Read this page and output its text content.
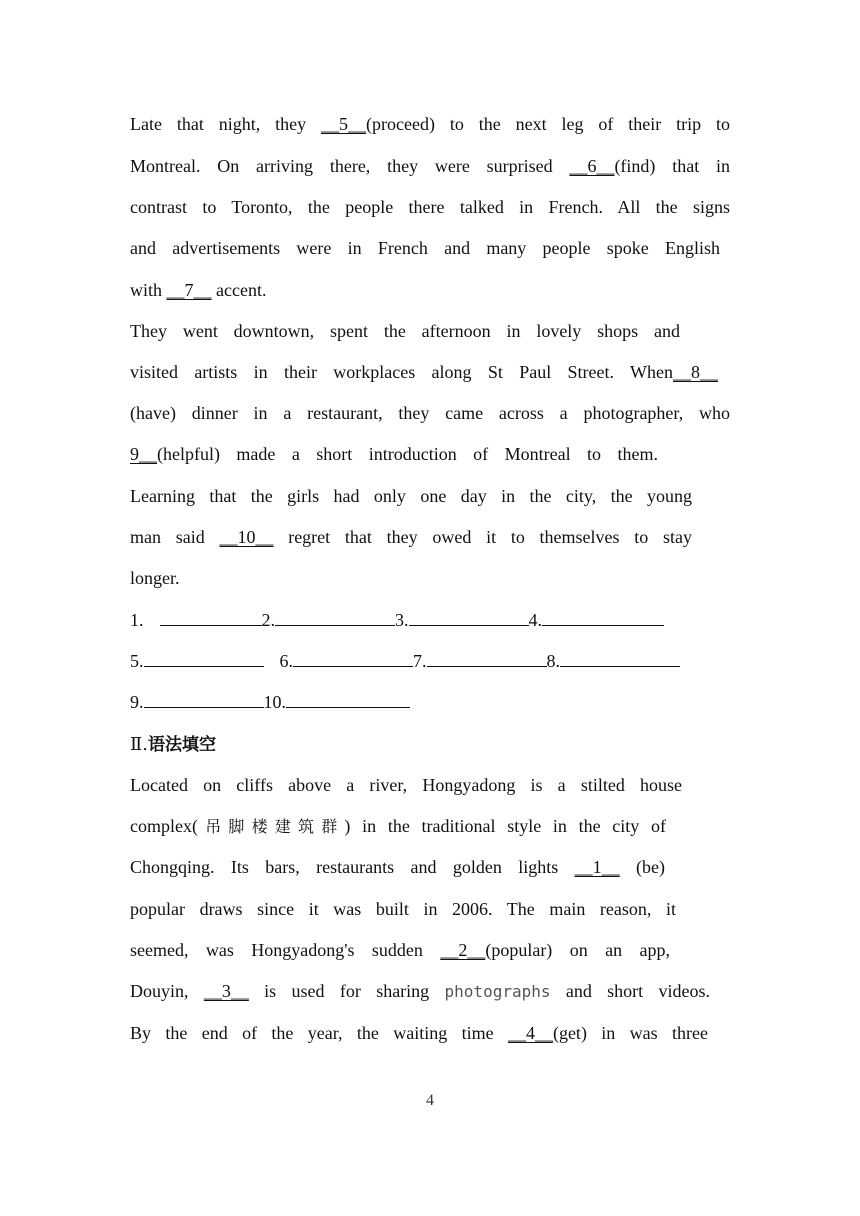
Late that night, they __5__(proceed) to the next leg of their trip to
Montreal. On arriving there, they were surprised __6__(find) that in
contrast to Toronto, the people there talked in French. All the signs
and advertisements were in French and many people spoke English
with __7__ accent.
They went downtown, spent the afternoon in lovely shops and
visited artists in their workplaces along St Paul Street. When__8__
(have) dinner in a restaurant, they came across a photographer, who
9__(helpful) made a short introduction of Montreal to them.
Learning that the girls had only one day in the city, the young
man said __10__ regret that they owed it to themselves to stay
longer.
1.	2.	3.	4.
5.	6.	7.	8.
9.	10.
Ⅱ.语法填空
Located on cliffs above a river, Hongyadong is a stilted house
complex(吊脚楼建筑群) in the traditional style in the city of
Chongqing. Its bars, restaurants and golden lights __1__ (be)
popular draws since it was built in 2006. The main reason, it
seemed, was Hongyadong's sudden __2__(popular) on an app,
Douyin, __3__ is used for sharing photographs and short videos.
By the end of the year, the waiting time __4__(get) in was three
4
